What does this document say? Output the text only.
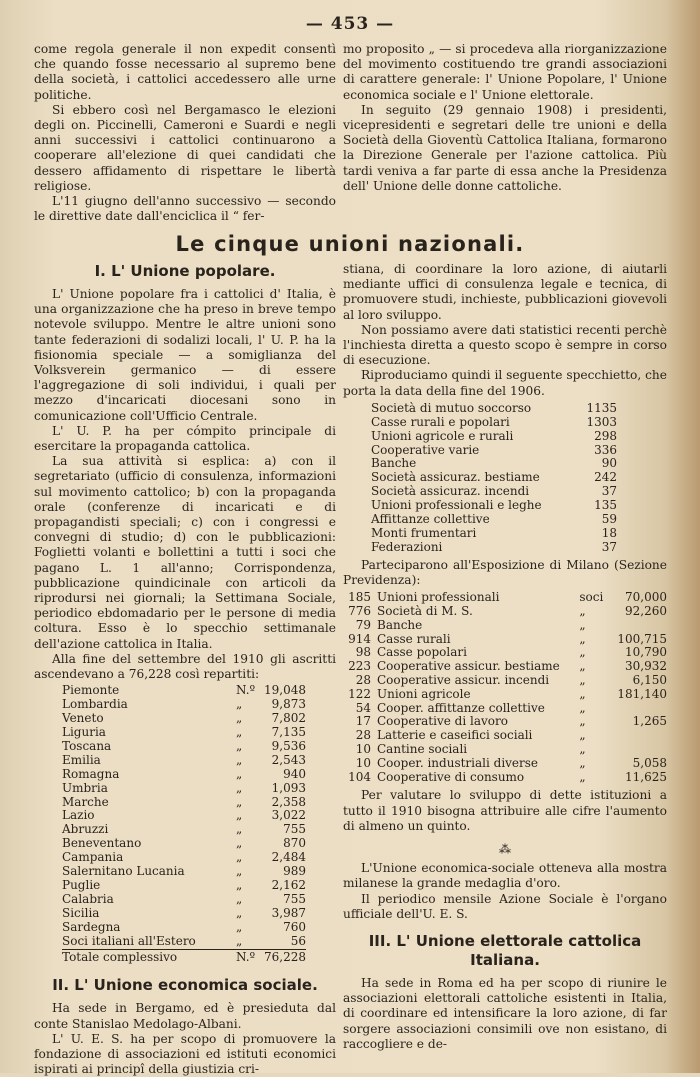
— 453 —

come regola generale il non expedit consentì che quando fosse necessario al supremo bene della società, i cattolici accedessero alle urne politiche.

Si ebbero così nel Bergamasco le elezioni degli on. Piccinelli, Cameroni e Suardi e negli anni successivi i cattolici continuarono a cooperare all'elezione di quei candidati che dessero affidamento di rispettare le libertà religiose.

L'11 giugno dell'anno successivo — secondo le direttive date dall'enciclica il “ fer-

mo proposito „ — si procedeva alla riorganizzazione del movimento costituendo tre grandi associazioni di carattere generale: l' Unione Popolare, l' Unione economica sociale e l' Unione elettorale.

In seguito (29 gennaio 1908) i presidenti, vicepresidenti e segretari delle tre unioni e della Società della Gioventù Cattolica Italiana, formarono la Direzione Generale per l'azione cattolica. Più tardi veniva a far parte di essa anche la Presidenza dell' Unione delle donne cattoliche.

Le cinque unioni nazionali.
I. L' Unione popolare.

L' Unione popolare fra i cattolici d' Italia, è una organizzazione che ha preso in breve tempo notevole sviluppo. Mentre le altre unioni sono tante federazioni di sodalizi locali, l' U. P. ha la fisionomia speciale — a somiglianza del Volksverein germanico — di essere l'aggregazione di soli individui, i quali per mezzo d'incaricati diocesani sono in comunicazione coll'Ufficio Centrale.

L' U. P. ha per cómpito principale di esercitare la propaganda cattolica.

La sua attività si esplica: a) con il segretariato (ufficio di consulenza, informazioni sul movimento cattolico; b) con la propaganda orale (conferenze di incaricati e di propagandisti speciali; c) con i congressi e convegni di studio; d) con le pubblicazioni: Foglietti volanti e bollettini a tutti i soci che pagano L. 1 all'anno; Corrispondenza, pubblicazione quindicinale con articoli da riprodursi nei giornali; la Settimana Sociale, periodico ebdomadario per le persone di media coltura. Esso è lo specchio settimanale dell'azione cattolica in Italia.

Alla fine del settembre del 1910 gli ascritti ascendevano a 76,228 così repartiti:

Piemonte	N.º	19,048
Lombardia	„	9,873
Veneto	„	7,802
Liguria	„	7,135
Toscana	„	9,536
Emilia	„	2,543
Romagna	„	940
Umbria	„	1,093
Marche	„	2,358
Lazio	„	3,022
Abruzzi	„	755
Beneventano	„	870
Campania	„	2,484
Salernitano Lucania	„	989
Puglie	„	2,162
Calabria	„	755
Sicilia	„	3,987
Sardegna	„	760
Soci italiani all'Estero	„	56
Totale complessivo	N.º	76,228
II. L' Unione economica sociale.

Ha sede in Bergamo, ed è presieduta dal conte Stanislao Medolago-Albani.

L' U. E. S. ha per scopo di promuovere la fondazione di associazioni ed istituti economici ispirati ai principî della giustizia cri-

stiana, di coordinare la loro azione, di aiutarli mediante uffici di consulenza legale e tecnica, di promuovere studi, inchieste, pubblicazioni giovevoli al loro sviluppo.

Non possiamo avere dati statistici recenti perchè l'inchiesta diretta a questo scopo è sempre in corso di esecuzione.

Riproduciamo quindi il seguente specchietto, che porta la data della fine del 1906.

Società di mutuo soccorso	1135
Casse rurali e popolari	1303
Unioni agricole e rurali	298
Cooperative varie	336
Banche	90
Società assicuraz. bestiame	242
Società assicuraz. incendi	37
Unioni professionali e leghe	135
Affittanze collettive	59
Monti frumentari	18
Federazioni	37

Parteciparono all'Esposizione di Milano (Sezione Previdenza):

185	Unioni professionali	soci	70,000
776	Società di M. S.	„	92,260
79	Banche	„	
914	Casse rurali	„	100,715
98	Casse popolari	„	10,790
223	Cooperative assicur. bestiame	„	30,932
28	Cooperative assicur. incendi	„	6,150
122	Unioni agricole	„	181,140
54	Cooper. affittanze collettive	„	
17	Cooperative di lavoro	„	1,265
28	Latterie e caseifici sociali	„	
10	Cantine sociali	„	
10	Cooper. industriali diverse	„	5,058
104	Cooperative di consumo	„	11,625

Per valutare lo sviluppo di dette istituzioni a tutto il 1910 bisogna attribuire alle cifre l'aumento di almeno un quinto.

⁂

L'Unione economica-sociale otteneva alla mostra milanese la grande medaglia d'oro.

Il periodico mensile Azione Sociale è l'organo ufficiale dell'U. E. S.

III. L' Unione elettorale cattolica Italiana.

Ha sede in Roma ed ha per scopo di riunire le associazioni elettorali cattoliche esistenti in Italia, di coordinare ed intensificare la loro azione, di far sorgere associazioni consimili ove non esistano, di raccogliere e de-
